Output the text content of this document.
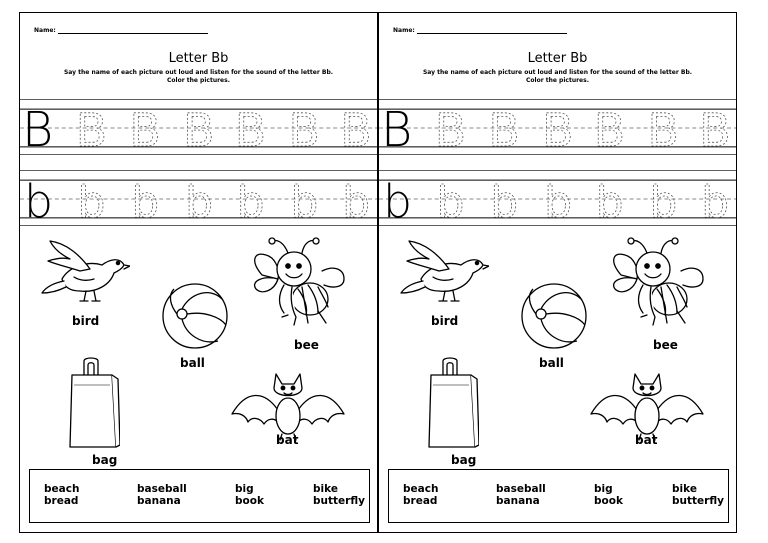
Name:
Letter Bb
Say the name of each picture out loud and listen for the sound of the letter Bb.
Color the pictures.
B B B B B B B
b b b b b b b
bird
ball
bee
bag
bat
beach
bread
baseball
banana
big
book
bike
butterfly
Name:
Letter Bb
Say the name of each picture out loud and listen for the sound of the letter Bb.
Color the pictures.
B B B B B B B
b b b b b b b
bird
ball
bee
bag
bat
beach
bread
baseball
banana
big
book
bike
butterfly
